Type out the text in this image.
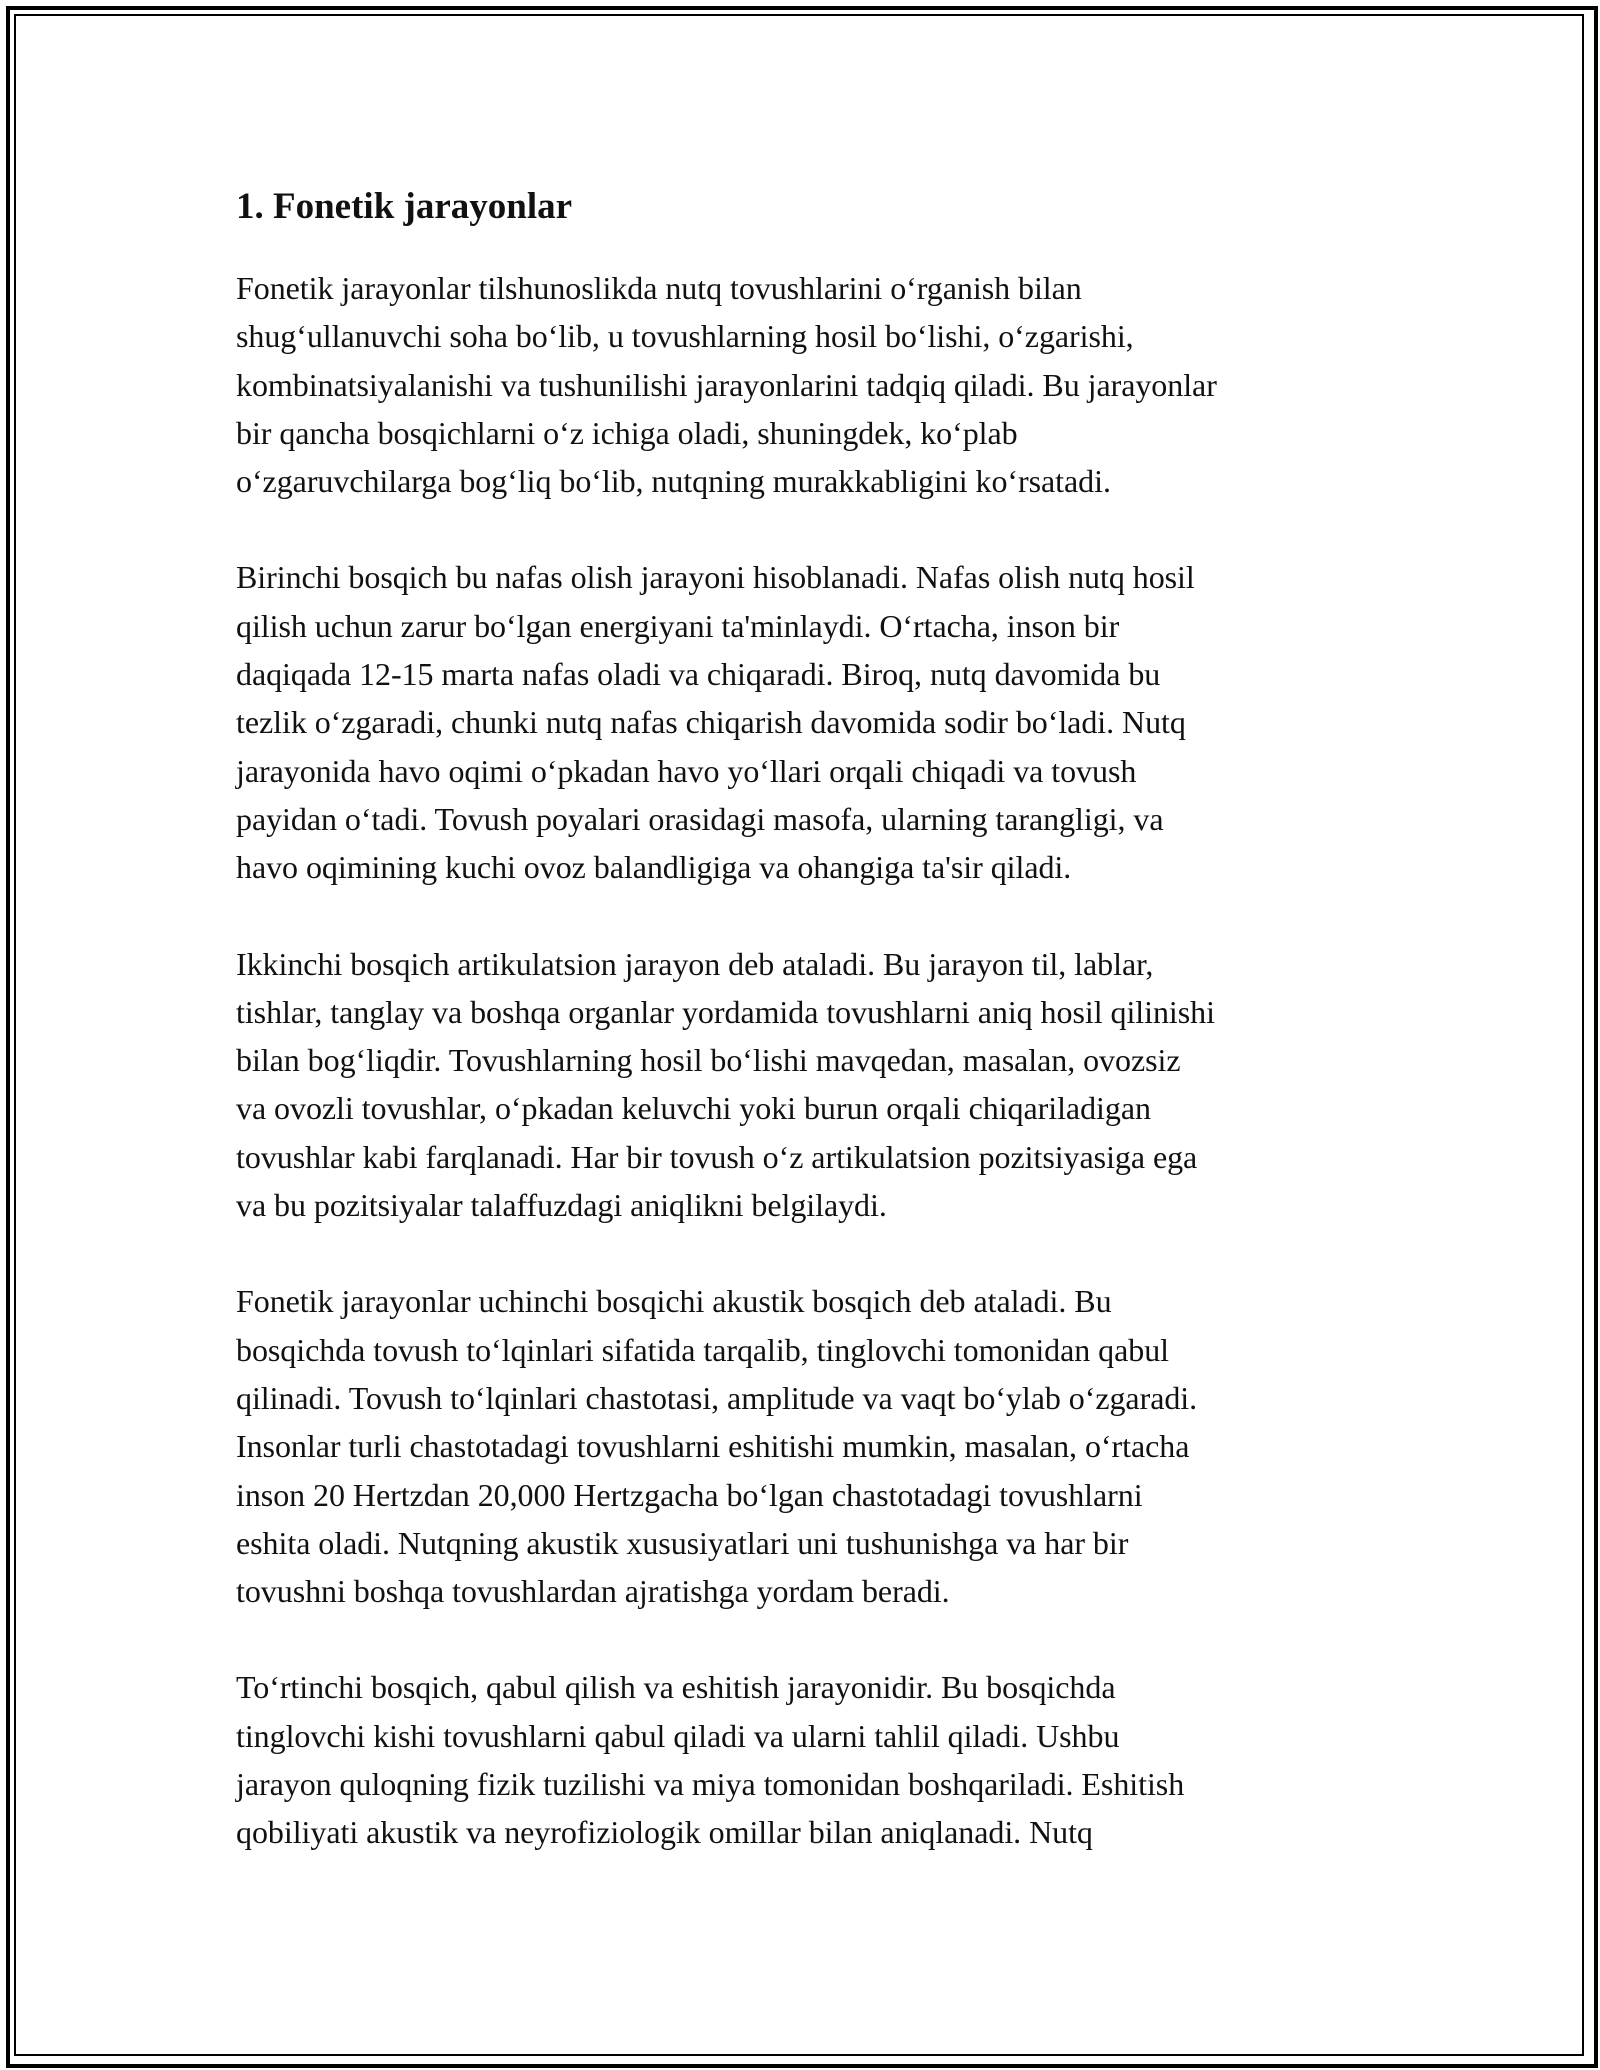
1. Fonetik jarayonlar

Fonetik jarayonlar tilshunoslikda nutq tovushlarini o‘rganish bilan
shug‘ullanuvchi soha bo‘lib, u tovushlarning hosil bo‘lishi, o‘zgarishi,
kombinatsiyalanishi va tushunilishi jarayonlarini tadqiq qiladi. Bu jarayonlar
bir qancha bosqichlarni o‘z ichiga oladi, shuningdek, ko‘plab
o‘zgaruvchilarga bog‘liq bo‘lib, nutqning murakkabligini ko‘rsatadi.

Birinchi bosqich bu nafas olish jarayoni hisoblanadi. Nafas olish nutq hosil
qilish uchun zarur bo‘lgan energiyani ta'minlaydi. O‘rtacha, inson bir
daqiqada 12-15 marta nafas oladi va chiqaradi. Biroq, nutq davomida bu
tezlik o‘zgaradi, chunki nutq nafas chiqarish davomida sodir bo‘ladi. Nutq
jarayonida havo oqimi o‘pkadan havo yo‘llari orqali chiqadi va tovush
payidan o‘tadi. Tovush poyalari orasidagi masofa, ularning tarangligi, va
havo oqimining kuchi ovoz balandligiga va ohangiga ta'sir qiladi.

Ikkinchi bosqich artikulatsion jarayon deb ataladi. Bu jarayon til, lablar,
tishlar, tanglay va boshqa organlar yordamida tovushlarni aniq hosil qilinishi
bilan bog‘liqdir. Tovushlarning hosil bo‘lishi mavqedan, masalan, ovozsiz
va ovozli tovushlar, o‘pkadan keluvchi yoki burun orqali chiqariladigan
tovushlar kabi farqlanadi. Har bir tovush o‘z artikulatsion pozitsiyasiga ega
va bu pozitsiyalar talaffuzdagi aniqlikni belgilaydi.

Fonetik jarayonlar uchinchi bosqichi akustik bosqich deb ataladi. Bu
bosqichda tovush to‘lqinlari sifatida tarqalib, tinglovchi tomonidan qabul
qilinadi. Tovush to‘lqinlari chastotasi, amplitude va vaqt bo‘ylab o‘zgaradi.
Insonlar turli chastotadagi tovushlarni eshitishi mumkin, masalan, o‘rtacha
inson 20 Hertzdan 20,000 Hertzgacha bo‘lgan chastotadagi tovushlarni
eshita oladi. Nutqning akustik xususiyatlari uni tushunishga va har bir
tovushni boshqa tovushlardan ajratishga yordam beradi.

To‘rtinchi bosqich, qabul qilish va eshitish jarayonidir. Bu bosqichda
tinglovchi kishi tovushlarni qabul qiladi va ularni tahlil qiladi. Ushbu
jarayon quloqning fizik tuzilishi va miya tomonidan boshqariladi. Eshitish
qobiliyati akustik va neyrofiziologik omillar bilan aniqlanadi. Nutq
